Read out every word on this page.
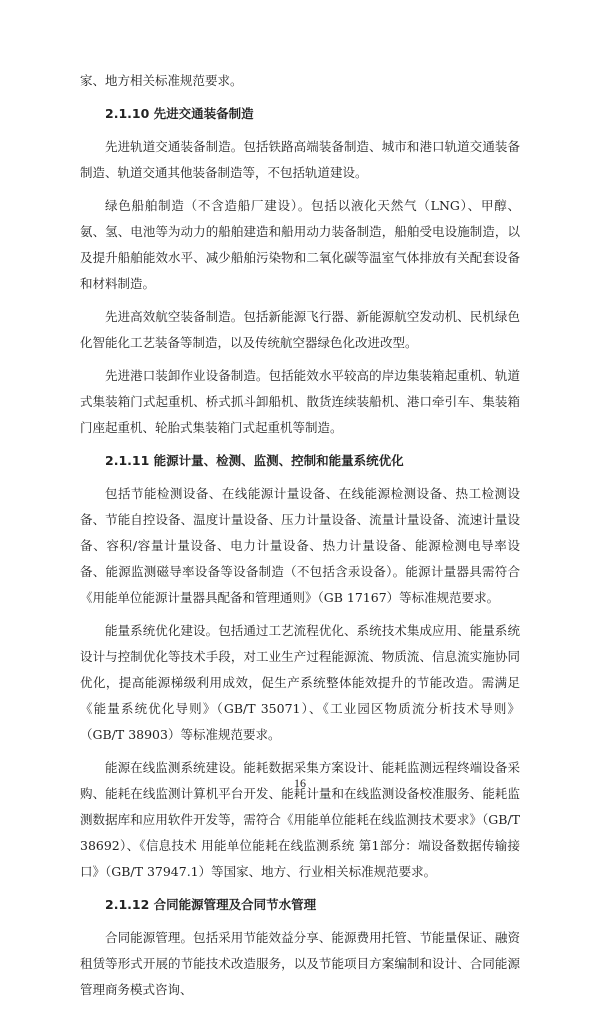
家、地方相关标准规范要求。

2.1.10 先进交通装备制造

先进轨道交通装备制造。包括铁路高端装备制造、城市和港口轨道交通装备制造、轨道交通其他装备制造等，不包括轨道建设。

绿色船舶制造（不含造船厂建设）。包括以液化天然气（LNG）、甲醇、氨、氢、电池等为动力的船舶建造和船用动力装备制造，船舶受电设施制造，以及提升船舶能效水平、减少船舶污染物和二氧化碳等温室气体排放有关配套设备和材料制造。

先进高效航空装备制造。包括新能源飞行器、新能源航空发动机、民机绿色化智能化工艺装备等制造，以及传统航空器绿色化改进改型。

先进港口装卸作业设备制造。包括能效水平较高的岸边集装箱起重机、轨道式集装箱门式起重机、桥式抓斗卸船机、散货连续装船机、港口牵引车、集装箱门座起重机、轮胎式集装箱门式起重机等制造。

2.1.11 能源计量、检测、监测、控制和能量系统优化

包括节能检测设备、在线能源计量设备、在线能源检测设备、热工检测设备、节能自控设备、温度计量设备、压力计量设备、流量计量设备、流速计量设备、容积/容量计量设备、电力计量设备、热力计量设备、能源检测电导率设备、能源监测磁导率设备等设备制造（不包括含汞设备）。能源计量器具需符合《用能单位能源计量器具配备和管理通则》（GB 17167）等标准规范要求。

能量系统优化建设。包括通过工艺流程优化、系统技术集成应用、能量系统设计与控制优化等技术手段，对工业生产过程能源流、物质流、信息流实施协同优化，提高能源梯级利用成效，促生产系统整体能效提升的节能改造。需满足《能量系统优化导则》（GB/T 35071）、《工业园区物质流分析技术导则》（GB/T 38903）等标准规范要求。

能源在线监测系统建设。能耗数据采集方案设计、能耗监测远程终端设备采购、能耗在线监测计算机平台开发、能耗计量和在线监测设备校准服务、能耗监测数据库和应用软件开发等，需符合《用能单位能耗在线监测技术要求》（GB/T 38692）、《信息技术 用能单位能耗在线监测系统 第1部分：端设备数据传输接口》（GB/T 37947.1）等国家、地方、行业相关标准规范要求。

2.1.12 合同能源管理及合同节水管理

合同能源管理。包括采用节能效益分享、能源费用托管、节能量保证、融资租赁等形式开展的节能技术改造服务，以及节能项目方案编制和设计、合同能源管理商务模式咨询、

16
